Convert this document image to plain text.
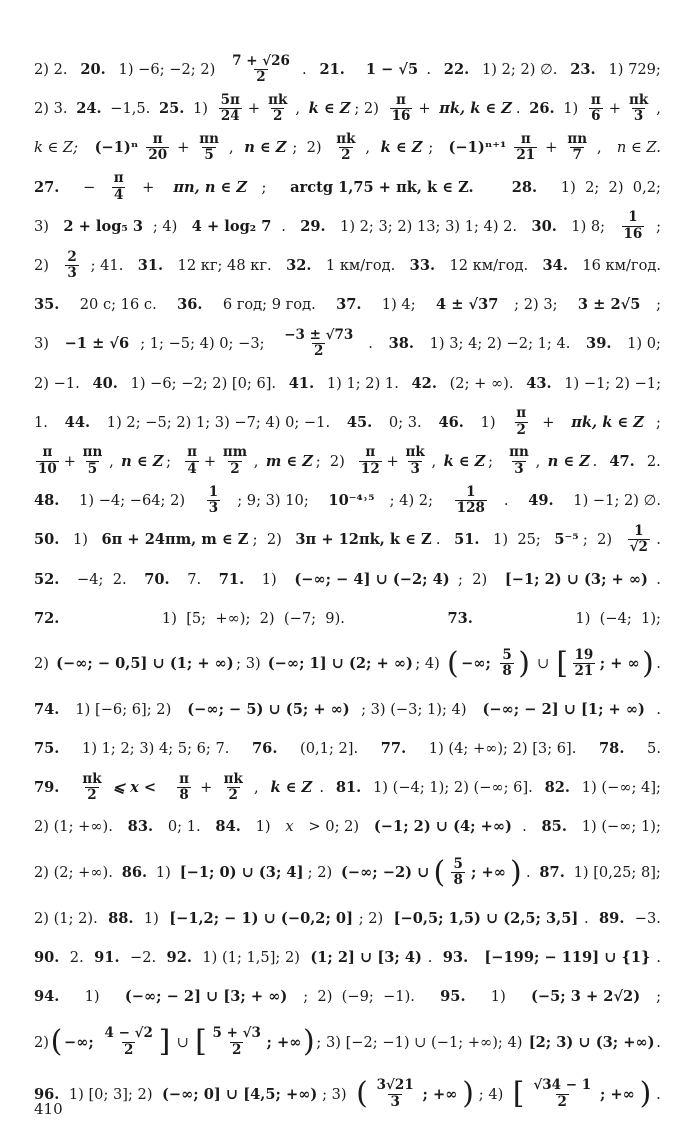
2) 2. 20. 1) −6; −2; $2) \frac{7 + √26}{2}$ . 21.
1 − √5 . 22. 1) 2; 2) ∅. 23. 1) 729;
2) 3. 24. −1,5. 25. $1) \frac{5\pi}{24} + \frac{\pi k}{2}$ , k ∈ Z ; $2) \frac{\pi}{16} + \pi k$, k ∈ Z . 26. $1) \frac{\pi}{6} + \frac{\pi k}{3}$ ,
k ∈ Z;
$(-1)^n \frac{\pi}{20} + \frac{\pi n}{5}$ , n ∈ Z ;  $2) \frac{\pi k}{2}$ , k ∈ Z ; $(-1)^{n+1} \frac{\pi}{21} + \frac{\pi n}{7}$ , n ∈ Z.
27. − $\frac{\pi}{4} + \pi n$, n ∈ Z ; arctg 1,75 + πk, k ∈ Z.
	28. 1)  2;  2)  0,2;
3) 2 + log₅ 3 ; 4) 4 + log₂ 7 . 29. 1) 2; 3; 2) 13; 3) 1; 4) 2. 30. 1) 8; $\frac{1}{16}$ ;
$2) \frac{2}{3}$ ; 41. 31. 12 кг; 48 кг. 32. 1 км/год. 33. 12 км/год. 34. 16 км/год.
35. 20 с; 16 с. 36. 6 год; 9 год. 37. 1) 4; 4 ± √37 ; 2) 3; 3 ± 2√5 ;
3) −1 ± √6 ; 1; −5; 4) 0; −3; $\frac{-3 \pm √73}{2}$ . 38. 1) 3; 4; 2) −2; 1; 4. 39. 1) 0;
2) −1. 40. 1) −6; −2; 2) [0; 6]. 41. 1) 1; 2) 1. 42. (2; + ∞). 43. 1) −1; 2) −1;
1. 44. 1) 2; −5; 2) 1; 3) −7; 4) 0; −1. 45. 0; 3. 46. $1) \frac{\pi}{2} + \pi k$, k ∈ Z ;
$\frac{\pi}{10} + \frac{\pi n}{5}$ , n ∈ Z ; $\frac{\pi}{4} + \frac{\pi m}{2}$ , m ∈ Z ;  $2) \frac{\pi}{12} + \frac{\pi k}{3}$ , k ∈ Z ; $\frac{\pi n}{3}$ , n ∈ Z . 47. 2.
48. 1) −4; −64; $2) \frac{1}{3}$ ; 9; 3) 10; 10⁻⁴˒⁵ ; 4) 2; $\frac{1}{128}$ . 49. 1) −1; 2) ∅.
50. 1) 6π + 24πm, m ∈ Z ;  2) 3π + 12πk, k ∈ Z . 51. 1)  25; 5⁻⁵ ;  $2) \frac{1}{√2}$ .
52. −4;  2. 70. 7. 71. 1) (−∞; − 4] ∪ (−2; 4) ;  2) [−1; 2) ∪ (3; + ∞) .
72.	1)  [5;  +∞);  2)  (−7;  9).	73.	1)  (−4;  1);
2) (−∞; − 0,5] ∪ (1; + ∞) ; 3) (−∞; 1] ∪ (2; + ∞) ; 4) ( −∞; $\frac{5}{8}$ ) ∪ [ $\frac{19}{21}$ ; + ∞ ) .
74. 1) [−6; 6]; 2) (−∞; − 5) ∪ (5; + ∞) ; 3) (−3; 1); 4) (−∞; − 2] ∪ [1; + ∞) .
75. 1) 1; 2; 3) 4; 5; 6; 7. 76. (0,1; 2]. 77. 1) (4; +∞); 2) [3; 6]. 78. 5.
79.
$\frac{\pi k}{2}$ ⩽ x <
$\frac{\pi}{8} + \frac{\pi k}{2}$ , k ∈ Z . 81. 1) (−4; 1); 2) (−∞; 6]. 82. 1) (−∞; 4];
2) (1; +∞). 83. 0; 1. 84. 1) x > 0; 2) (−1; 2) ∪ (4; +∞) . 85. 1) (−∞; 1);
2) (2; +∞). 86. 1) [−1; 0) ∪ (3; 4] ; 2) (−∞; −2) ∪ ( $\frac{5}{8}$ ; +∞ ) . 87. 1) [0,25; 8];
2) (1; 2). 88. 1) [−1,2; − 1) ∪ (−0,2; 0] ; 2) [−0,5; 1,5) ∪ (2,5; 3,5] . 89. −3.
90. 2. 91. −2. 92. 1) (1; 1,5]; 2) (1; 2] ∪ [3; 4) . 93.
[−199; − 119] ∪ {1} .
94. 1) (−∞; − 2] ∪ [3; + ∞) ;  2)  (−9;  −1). 95. 1) (−5; 3 + 2√2) ;
2) ( −∞; $\frac{4 - √2}{2}$ ] ∪ [ $\frac{5 + √3}{2}$ ; +∞ ) ; 3) [−2; −1) ∪ (−1; +∞); 4) [2; 3) ∪ (3; +∞) .
96. 1) [0; 3]; 2) (−∞; 0] ∪ [4,5; +∞) ; 3) ( $\frac{3√21}{3}$ ; +∞ ) ; 4) [ $\frac{√34 - 1}{2}$ ; +∞ ) .
410
